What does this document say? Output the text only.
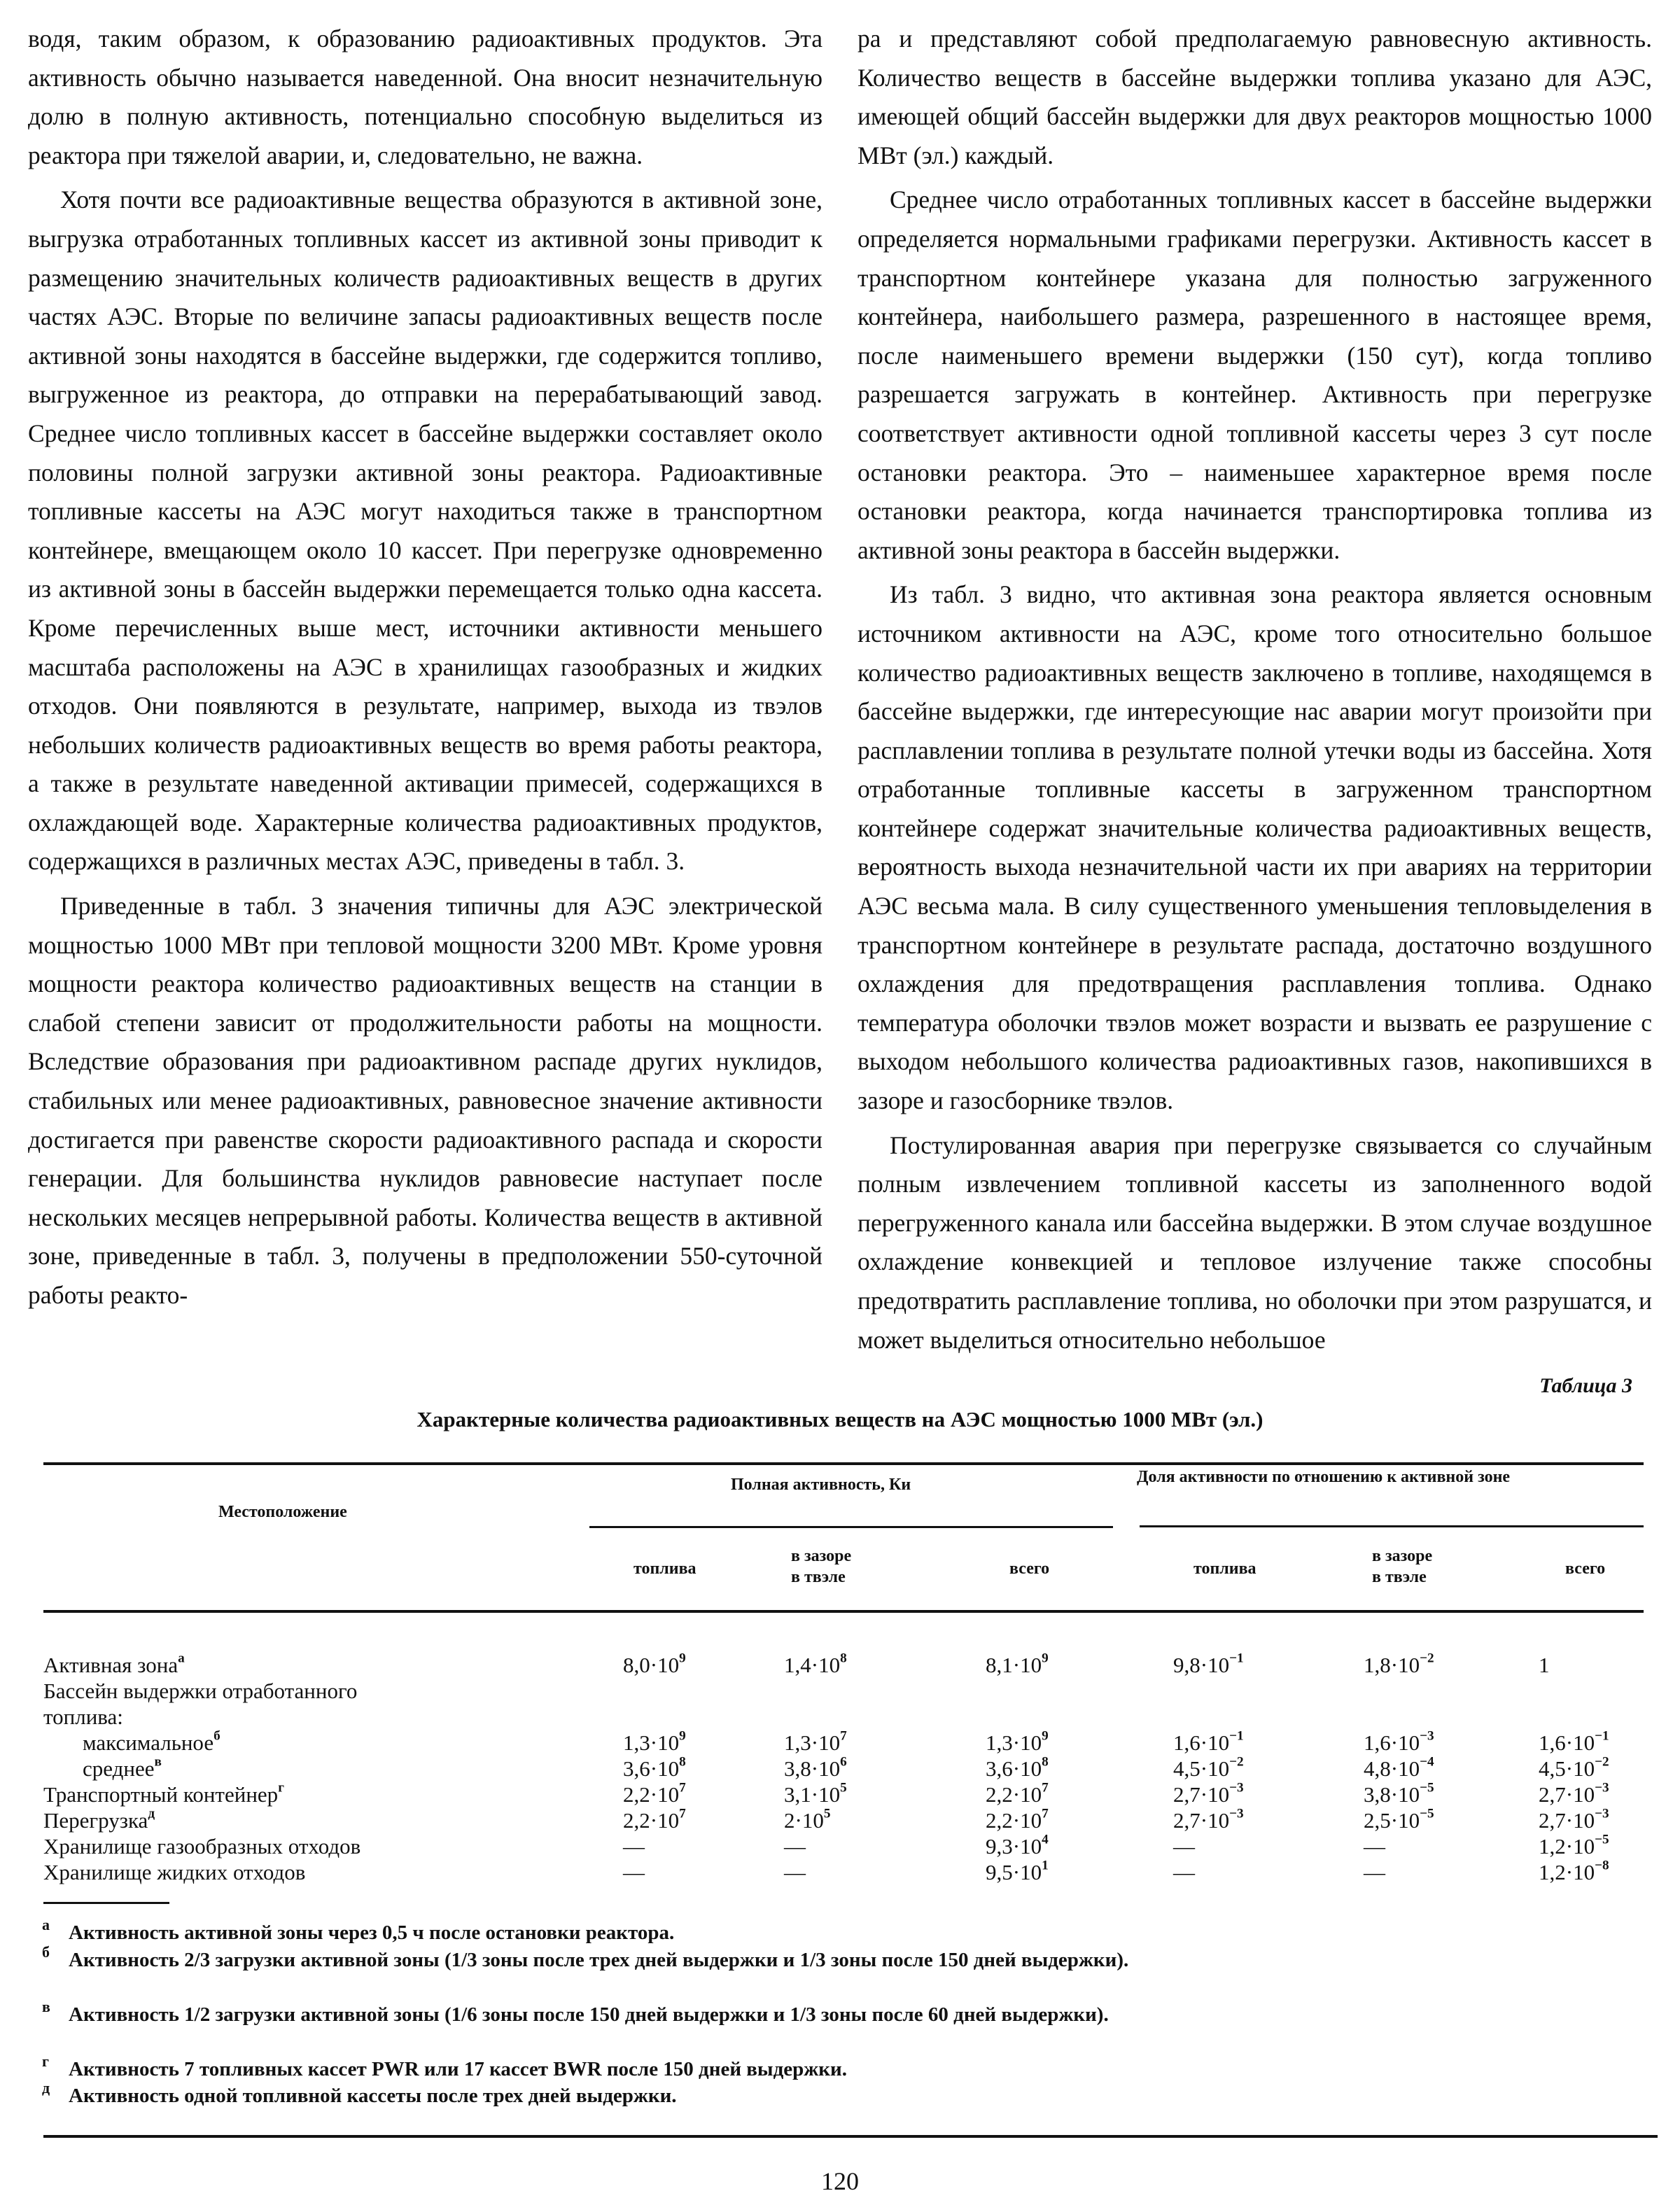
водя, таким образом, к образованию радиоактивных продуктов. Эта активность обычно называется наведенной. Она вносит незначительную долю в полную активность, потенциально способную выделиться из реактора при тяжелой аварии, и, следовательно, не важна.

Хотя почти все радиоактивные вещества образуются в активной зоне, выгрузка отработанных топливных кассет из активной зоны приводит к размещению значительных количеств радиоактивных веществ в других частях АЭС. Вторые по величине запасы радиоактивных веществ после активной зоны находятся в бассейне выдержки, где содержится топливо, выгруженное из реактора, до отправки на перерабатывающий завод. Среднее число топливных кассет в бассейне выдержки составляет около половины полной загрузки активной зоны реактора. Радиоактивные топливные кассеты на АЭС могут находиться также в транспортном контейнере, вмещающем около 10 кассет. При перегрузке одновременно из активной зоны в бассейн выдержки перемещается только одна кассета. Кроме перечисленных выше мест, источники активности меньшего масштаба расположены на АЭС в хранилищах газообразных и жидких отходов. Они появляются в результате, например, выхода из твэлов небольших количеств радиоактивных веществ во время работы реактора, а также в результате наведенной активации примесей, содержащихся в охлаждающей воде. Характерные количества радиоактивных продуктов, содержащихся в различных местах АЭС, приведены в табл. 3.

Приведенные в табл. 3 значения типичны для АЭС электрической мощностью 1000 МВт при тепловой мощности 3200 МВт. Кроме уровня мощности реактора количество радиоактивных веществ на станции в слабой степени зависит от продолжительности работы на мощности. Вследствие образования при радиоактивном распаде других нуклидов, стабильных или менее радиоактивных, равновесное значение активности достигается при равенстве скорости радиоактивного распада и скорости генерации. Для большинства нуклидов равновесие наступает после нескольких месяцев непрерывной работы. Количества веществ в активной зоне, приведенные в табл. 3, получены в предположении 550-суточной работы реакто-

ра и представляют собой предполагаемую равновесную активность. Количество веществ в бассейне выдержки топлива указано для АЭС, имеющей общий бассейн выдержки для двух реакторов мощностью 1000 МВт (эл.) каждый.

Среднее число отработанных топливных кассет в бассейне выдержки определяется нормальными графиками перегрузки. Активность кассет в транспортном контейнере указана для полностью загруженного контейнера, наибольшего размера, разрешенного в настоящее время, после наименьшего времени выдержки (150 сут), когда топливо разрешается загружать в контейнер. Активность при перегрузке соответствует активности одной топливной кассеты через 3 сут после остановки реактора. Это – наименьшее характерное время после остановки реактора, когда начинается транспортировка топлива из активной зоны реактора в бассейн выдержки.

Из табл. 3 видно, что активная зона реактора является основным источником активности на АЭС, кроме того относительно большое количество радиоактивных веществ заключено в топливе, находящемся в бассейне выдержки, где интересующие нас аварии могут произойти при расплавлении топлива в результате полной утечки воды из бассейна. Хотя отработанные топливные кассеты в загруженном транспортном контейнере содержат значительные количества радиоактивных веществ, вероятность выхода незначительной части их при авариях на территории АЭС весьма мала. В силу существенного уменьшения тепловыделения в транспортном контейнере в результате распада, достаточно воздушного охлаждения для предотвращения расплавления топлива. Однако температура оболочки твэлов может возрасти и вызвать ее разрушение с выходом небольшого количества радиоактивных газов, накопившихся в зазоре и газосборнике твэлов.

Постулированная авария при перегрузке связывается со случайным полным извлечением топливной кассеты из заполненного водой перегруженного канала или бассейна выдержки. В этом случае воздушное охлаждение конвекцией и тепловое излучение также способны предотвратить расплавление топлива, но оболочки при этом разрушатся, и может выделиться относительно небольшое

Таблица 3
Характерные количества радиоактивных веществ на АЭС мощностью 1000 МВт (эл.)
Местоположение
Полная активность, Ки	Доля активности по отношению к активной зоне
топлива
в зазоре
в твэле	всего	топлива
в зазоре
в твэле	всего
Активная зона$^а$	$8,0\cdot 10^9$	$1,4\cdot 10^8$	$8,1\cdot 10^9$	$9,8\cdot 10^{-1}$	$1,8\cdot 10^{-2}$	1
Бассейн выдержки отработанного						
топлива:						
максимальное$^б$	$1,3\cdot 10^9$	$1,3\cdot 10^7$	$1,3\cdot 10^9$	$1,6\cdot 10^{-1}$	$1,6\cdot 10^{-3}$	$1,6\cdot 10^{-1}$
среднее$^в$	$3,6\cdot 10^8$	$3,8\cdot 10^6$	$3,6\cdot 10^8$	$4,5\cdot 10^{-2}$	$4,8\cdot 10^{-4}$	$4,5\cdot 10^{-2}$
Транспортный контейнер$^г$	$2,2\cdot 10^7$	$3,1\cdot 10^5$	$2,2\cdot 10^7$	$2,7\cdot 10^{-3}$	$3,8\cdot 10^{-5}$	$2,7\cdot 10^{-3}$
Перегрузка$^д$	$2,2\cdot 10^7$	$2\cdot 10^5$	$2,2\cdot 10^7$	$2,7\cdot 10^{-3}$	$2,5\cdot 10^{-5}$	$2,7\cdot 10^{-3}$
Хранилище газообразных отходов	—	—	$9,3\cdot 10^4$	—	—	$1,2\cdot 10^{-5}$
Хранилище жидких отходов	—	—	$9,5\cdot 10^1$	—	—	$1,2\cdot 10^{-8}$
а Активность активной зоны через 0,5 ч после остановки реактора.
б Активность 2/3 загрузки активной зоны (1/3 зоны после трех дней выдержки и 1/3 зоны после 150 дней выдержки).
в Активность 1/2 загрузки активной зоны (1/6 зоны после 150 дней выдержки и 1/3 зоны после 60 дней выдержки).
г Активность 7 топливных кассет PWR или 17 кассет BWR после 150 дней выдержки.
д Активность одной топливной кассеты после трех дней выдержки.
120
